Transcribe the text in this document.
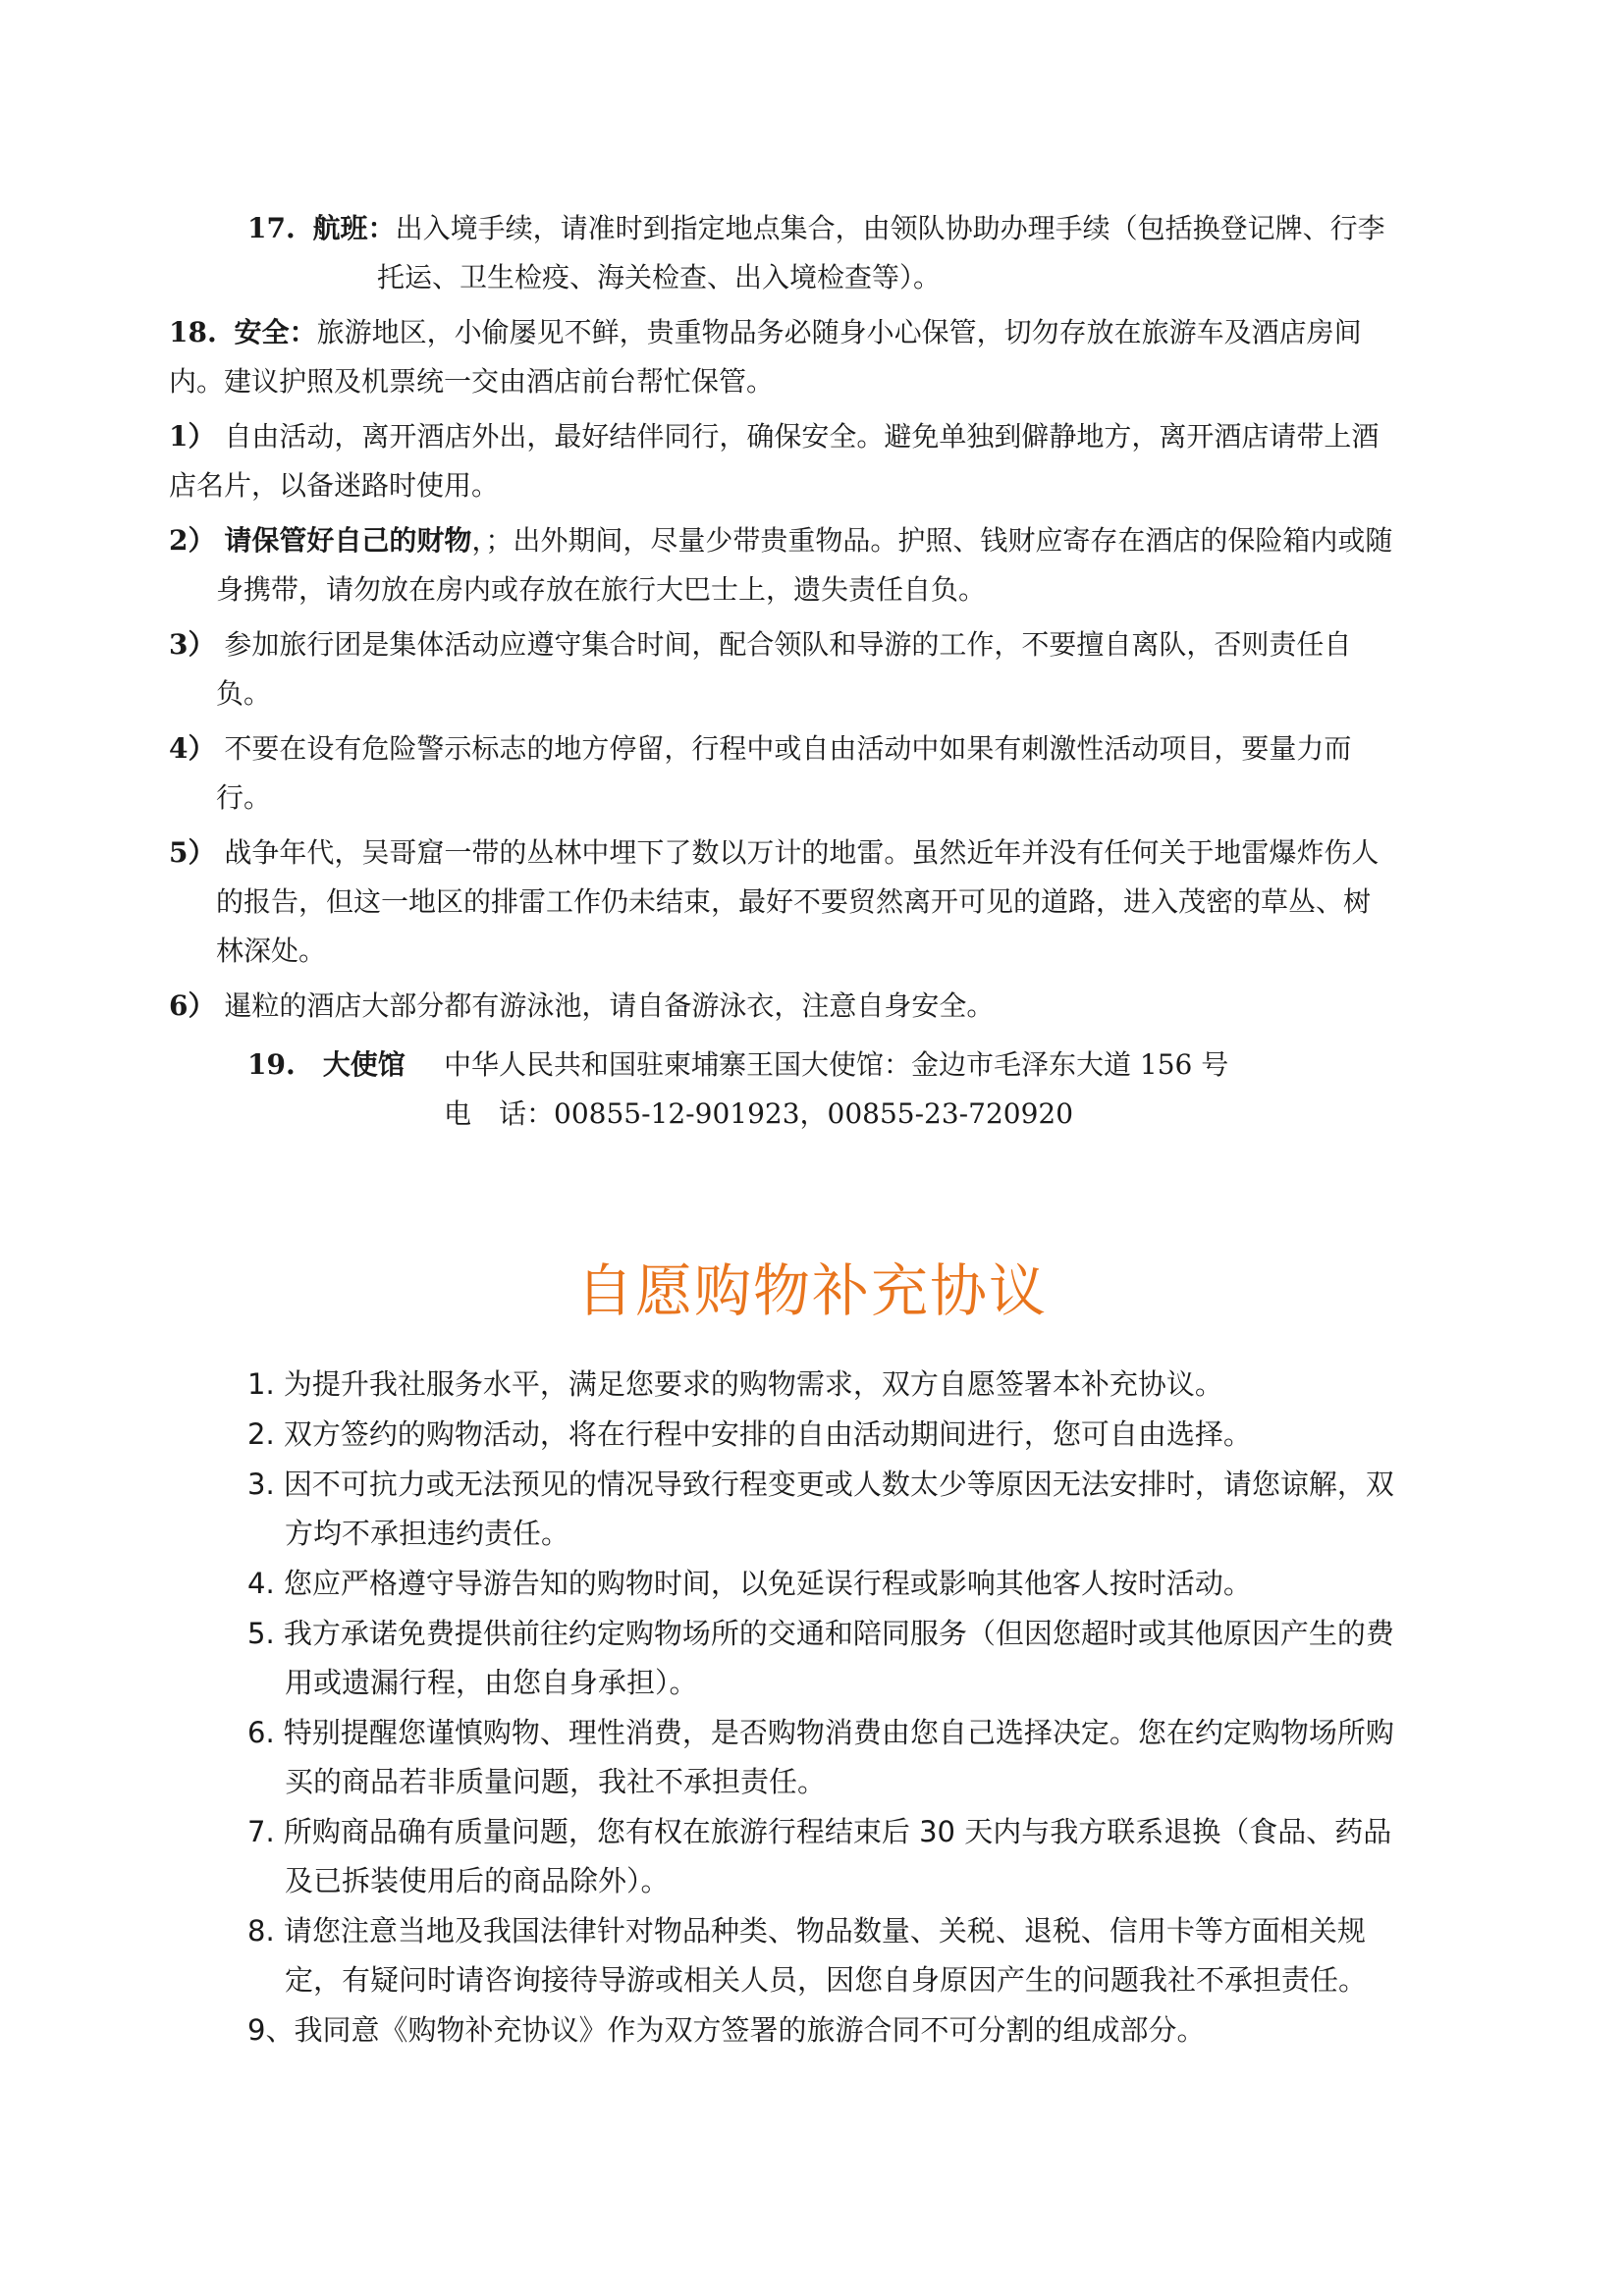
17. 航班：出入境手续，请准时到指定地点集合，由领队协助办理手续（包括换登记牌、行李托运、卫生检疫、海关检查、出入境检查等）。

18. 安全：旅游地区，小偷屡见不鲜，贵重物品务必随身小心保管，切勿存放在旅游车及酒店房间内。建议护照及机票统一交由酒店前台帮忙保管。

1） 自由活动，离开酒店外出，最好结伴同行，确保安全。避免单独到僻静地方，离开酒店请带上酒店名片，以备迷路时使用。

2） 请保管好自己的财物，；出外期间，尽量少带贵重物品。护照、钱财应寄存在酒店的保险箱内或随身携带，请勿放在房内或存放在旅行大巴士上，遗失责任自负。

3） 参加旅行团是集体活动应遵守集合时间，配合领队和导游的工作，不要擅自离队，否则责任自负。

4） 不要在设有危险警示标志的地方停留，行程中或自由活动中如果有刺激性活动项目，要量力而行。

5） 战争年代，吴哥窟一带的丛林中埋下了数以万计的地雷。虽然近年并没有任何关于地雷爆炸伤人的报告，但这一地区的排雷工作仍未结束，最好不要贸然离开可见的道路，进入茂密的草丛、树林深处。

6） 暹粒的酒店大部分都有游泳池，请自备游泳衣，注意自身安全。

19.　大使馆	中华人民共和国驻柬埔寨王国大使馆：金边市毛泽东大道 156 号
电　话：00855-12-901923，00855-23-720920
自愿购物补充协议

1. 为提升我社服务水平，满足您要求的购物需求，双方自愿签署本补充协议。

2. 双方签约的购物活动，将在行程中安排的自由活动期间进行，您可自由选择。

3. 因不可抗力或无法预见的情况导致行程变更或人数太少等原因无法安排时，请您谅解，双方均不承担违约责任。

4. 您应严格遵守导游告知的购物时间，以免延误行程或影响其他客人按时活动。

5. 我方承诺免费提供前往约定购物场所的交通和陪同服务（但因您超时或其他原因产生的费用或遗漏行程，由您自身承担）。

6. 特别提醒您谨慎购物、理性消费，是否购物消费由您自己选择决定。您在约定购物场所购买的商品若非质量问题，我社不承担责任。

7. 所购商品确有质量问题，您有权在旅游行程结束后 30 天内与我方联系退换（食品、药品及已拆装使用后的商品除外）。

8. 请您注意当地及我国法律针对物品种类、物品数量、关税、退税、信用卡等方面相关规定，有疑问时请咨询接待导游或相关人员，因您自身原因产生的问题我社不承担责任。

9、我同意《购物补充协议》作为双方签署的旅游合同不可分割的组成部分。
